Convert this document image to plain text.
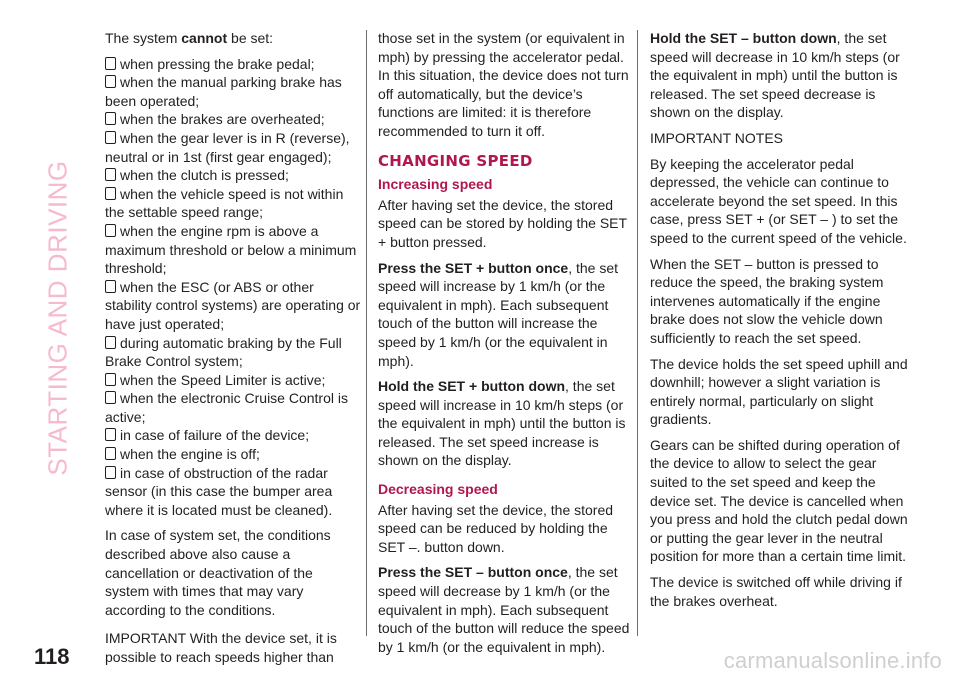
STARTING AND DRIVING
118

The system cannot be set:

when pressing the brake pedal;
when the manual parking brake has been operated;
when the brakes are overheated;
when the gear lever is in R (reverse), neutral or in 1st (first gear engaged);
when the clutch is pressed;
when the vehicle speed is not within the settable speed range;
when the engine rpm is above a maximum threshold or below a minimum threshold;
when the ESC (or ABS or other stability control systems) are operating or have just operated;
during automatic braking by the Full Brake Control system;
when the Speed Limiter is active;
when the electronic Cruise Control is active;
in case of failure of the device;
when the engine is off;
in case of obstruction of the radar sensor (in this case the bumper area where it is located must be cleaned).

In case of system set, the conditions described above also cause a cancellation or deactivation of the system with times that may vary according to the conditions.

IMPORTANT With the device set, it is possible to reach speeds higher than

those set in the system (or equivalent in mph) by pressing the accelerator pedal. In this situation, the device does not turn off automatically, but the device’s functions are limited: it is therefore recommended to turn it off.

CHANGING SPEED
Increasing speed

After having set the device, the stored speed can be stored by holding the SET + button pressed.

Press the SET + button once, the set speed will increase by 1 km/h (or the equivalent in mph). Each subsequent touch of the button will increase the speed by 1 km/h (or the equivalent in mph).

Hold the SET + button down, the set speed will increase in 10 km/h steps (or the equivalent in mph) until the button is released. The set speed increase is shown on the display.

Decreasing speed

After having set the device, the stored speed can be reduced by holding the SET –. button down.

Press the SET – button once, the set speed will decrease by 1 km/h (or the equivalent in mph). Each subsequent touch of the button will reduce the speed by 1 km/h (or the equivalent in mph).

Hold the SET – button down, the set speed will decrease in 10 km/h steps (or the equivalent in mph) until the button is released. The set speed decrease is shown on the display.

IMPORTANT NOTES

By keeping the accelerator pedal depressed, the vehicle can continue to accelerate beyond the set speed. In this case, press SET + (or SET – ) to set the speed to the current speed of the vehicle.

When the SET – button is pressed to reduce the speed, the braking system intervenes automatically if the engine brake does not slow the vehicle down sufficiently to reach the set speed.

The device holds the set speed uphill and downhill; however a slight variation is entirely normal, particularly on slight gradients.

Gears can be shifted during operation of the device to allow to select the gear suited to the set speed and keep the device set. The device is cancelled when you press and hold the clutch pedal down or putting the gear lever in the neutral position for more than a certain time limit.

The device is switched off while driving if the brakes overheat.

carmanualsonline.info
